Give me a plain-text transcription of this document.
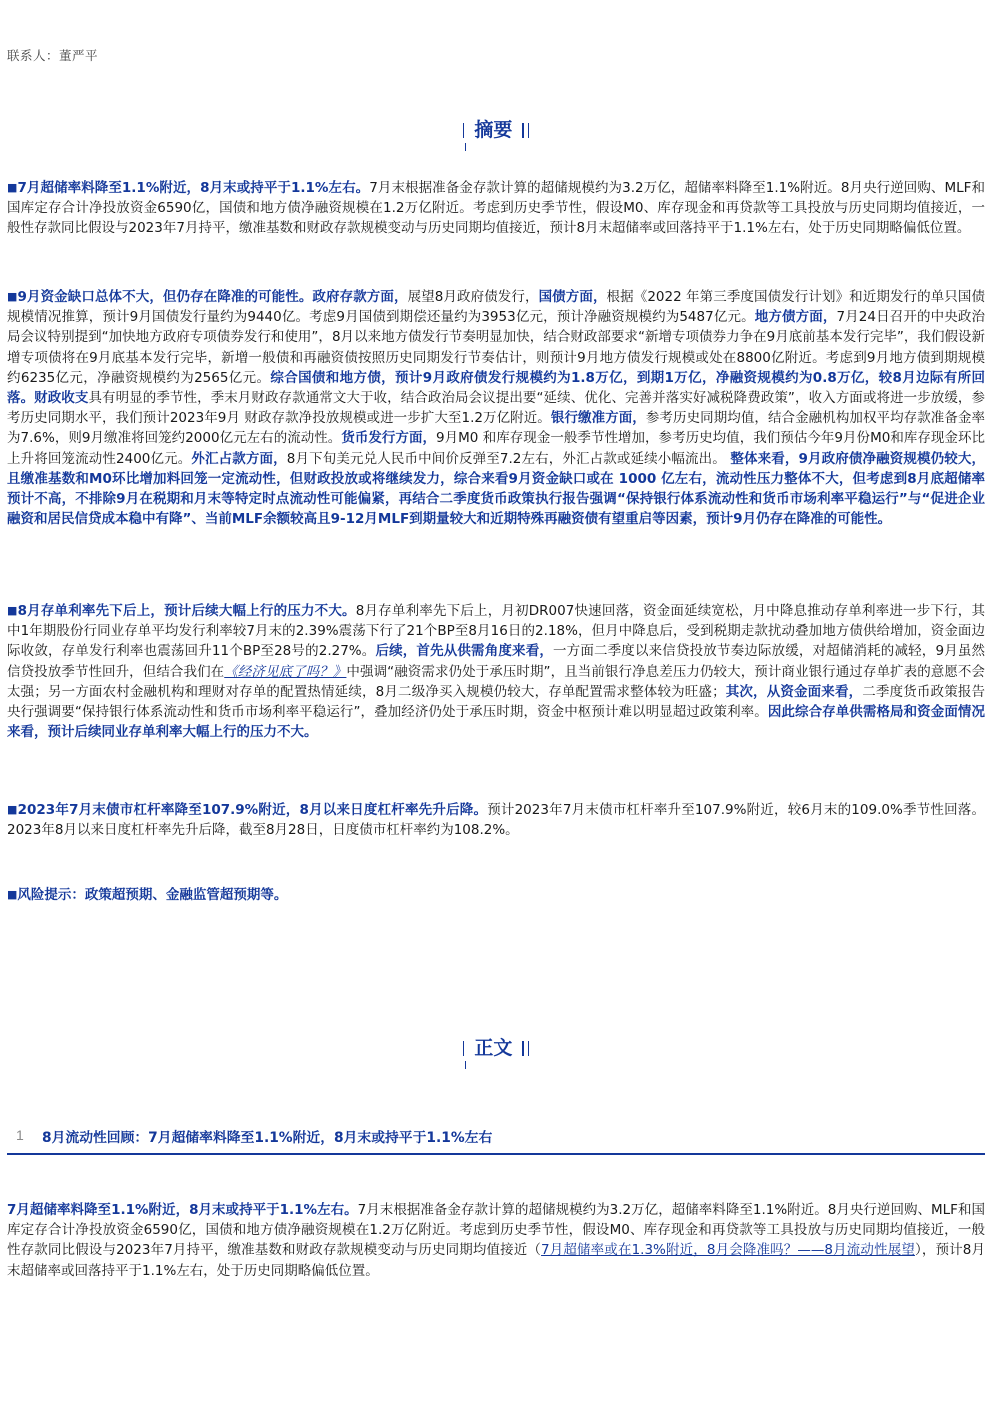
联系人：董严平
摘要
■7月超储率料降至1.1%附近，8月末或持平于1.1%左右。7月末根据准备金存款计算的超储规模约为3.2万亿，超储率料降至1.1%附近。8月央行逆回购、MLF和国库定存合计净投放资金6590亿，国债和地方债净融资规模在1.2万亿附近。考虑到历史季节性，假设M0、库存现金和再贷款等工具投放与历史同期均值接近，一般性存款同比假设与2023年7月持平，缴准基数和财政存款规模变动与历史同期均值接近，预计8月末超储率或回落持平于1.1%左右，处于历史同期略偏低位置。
■9月资金缺口总体不大，但仍存在降准的可能性。政府存款方面，展望8月政府债发行，国债方面，根据《2022 年第三季度国债发行计划》和近期发行的单只国债规模情况推算，预计9月国债发行量约为9440亿。考虑9月国债到期偿还量约为3953亿元，预计净融资规模约为5487亿元。地方债方面，7月24日召开的中央政治局会议特别提到“加快地方政府专项债券发行和使用”，8月以来地方债发行节奏明显加快，结合财政部要求“新增专项债券力争在9月底前基本发行完毕”，我们假设新增专项债将在9月底基本发行完毕，新增一般债和再融资债按照历史同期发行节奏估计，则预计9月地方债发行规模或处在8800亿附近。考虑到9月地方债到期规模约6235亿元，净融资规模约为2565亿元。综合国债和地方债，预计9月政府债发行规模约为1.8万亿，到期1万亿，净融资规模约为0.8万亿，较8月边际有所回落。财政收支具有明显的季节性，季末月财政存款通常文大于收，结合政治局会议提出要“延续、优化、完善并落实好减税降费政策”，收入方面或将进一步放缓，参考历史同期水平，我们预计2023年9月 财政存款净投放规模或进一步扩大至1.2万亿附近。银行缴准方面，参考历史同期均值，结合金融机构加权平均存款准备金率为7.6%，则9月缴准将回笼约2000亿元左右的流动性。货币发行方面，9月M0 和库存现金一般季节性增加，参考历史均值，我们预估今年9月份M0和库存现金环比上升将回笼流动性2400亿元。外汇占款方面，8月下旬美元兑人民币中间价反弹至7.2左右，外汇占款或延续小幅流出。 整体来看，9月政府债净融资规模仍较大，且缴准基数和M0环比增加料回笼一定流动性，但财政投放或将继续发力，综合来看9月资金缺口或在 1000 亿左右，流动性压力整体不大，但考虑到8月底超储率预计不高，不排除9月在税期和月末等特定时点流动性可能偏紧，再结合二季度货币政策执行报告强调“保持银行体系流动性和货币市场利率平稳运行”与“促进企业融资和居民信贷成本稳中有降”、当前MLF余额较高且9-12月MLF到期量较大和近期特殊再融资债有望重启等因素，预计9月仍存在降准的可能性。
■8月存单利率先下后上，预计后续大幅上行的压力不大。8月存单利率先下后上，月初DR007快速回落，资金面延续宽松，月中降息推动存单利率进一步下行，其中1年期股份行同业存单平均发行利率较7月末的2.39%震荡下行了21个BP至8月16日的2.18%，但月中降息后，受到税期走款扰动叠加地方债供给增加，资金面边际收敛，存单发行利率也震荡回升11个BP至28号的2.27%。后续，首先从供需角度来看，一方面二季度以来信贷投放节奏边际放缓，对超储消耗的减轻，9月虽然信贷投放季节性回升，但结合我们在《经济见底了吗？》中强调“融资需求仍处于承压时期”，且当前银行净息差压力仍较大，预计商业银行通过存单扩表的意愿不会太强；另一方面农村金融机构和理财对存单的配置热情延续，8月二级净买入规模仍较大，存单配置需求整体较为旺盛；其次，从资金面来看，二季度货币政策报告央行强调要“保持银行体系流动性和货币市场利率平稳运行”，叠加经济仍处于承压时期，资金中枢预计难以明显超过政策利率。因此综合存单供需格局和资金面情况来看，预计后续同业存单利率大幅上行的压力不大。
■2023年7月末债市杠杆率降至107.9%附近，8月以来日度杠杆率先升后降。预计2023年7月末债市杠杆率升至107.9%附近，较6月末的109.0%季节性回落。2023年8月以来日度杠杆率先升后降，截至8月28日，日度债市杠杆率约为108.2%。
■风险提示：政策超预期、金融监管超预期等。
正文
1 8月流动性回顾：7月超储率料降至1.1%附近，8月末或持平于1.1%左右
7月超储率料降至1.1%附近，8月末或持平于1.1%左右。7月末根据准备金存款计算的超储规模约为3.2万亿，超储率料降至1.1%附近。8月央行逆回购、MLF和国库定存合计净投放资金6590亿，国债和地方债净融资规模在1.2万亿附近。考虑到历史季节性，假设M0、库存现金和再贷款等工具投放与历史同期均值接近，一般性存款同比假设与2023年7月持平，缴准基数和财政存款规模变动与历史同期均值接近（7月超储率或在1.3%附近，8月会降准吗？——8月流动性展望），预计8月末超储率或回落持平于1.1%左右，处于历史同期略偏低位置。
